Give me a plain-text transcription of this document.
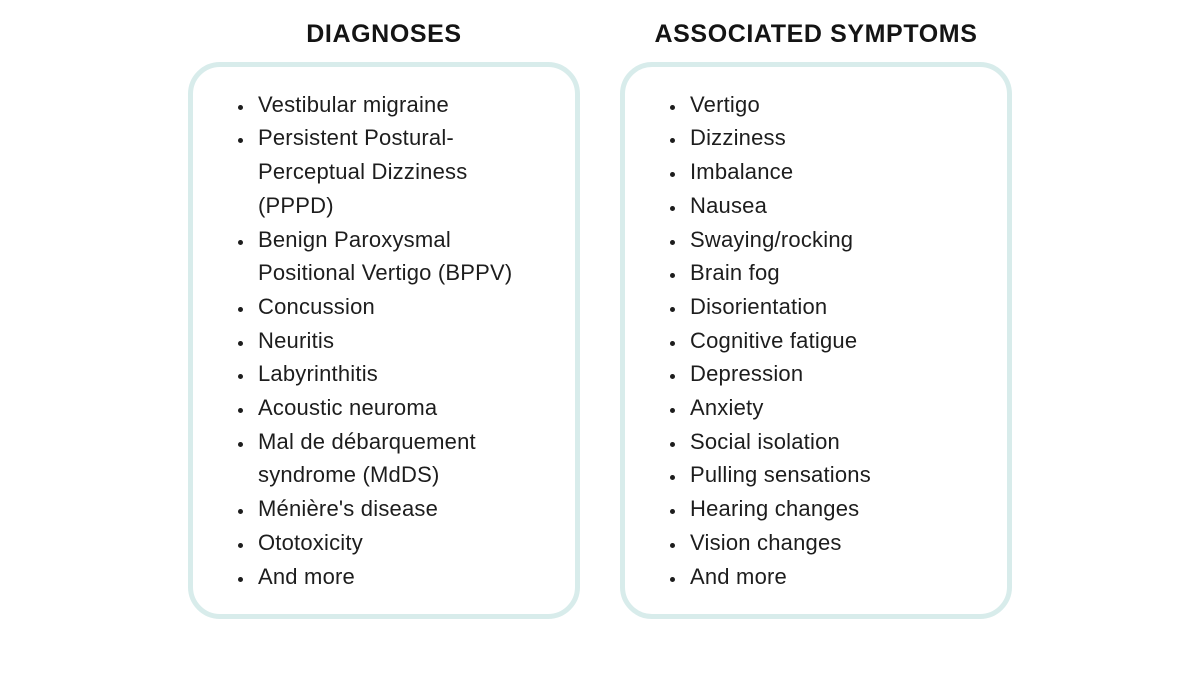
DIAGNOSES
• Vestibular migraine
• Persistent Postural-Perceptual Dizziness (PPPD)
• Benign Paroxysmal Positional Vertigo (BPPV)
• Concussion
• Neuritis
• Labyrinthitis
• Acoustic neuroma
• Mal de débarquement syndrome (MdDS)
• Ménière's disease
• Ototoxicity
• And more
ASSOCIATED SYMPTOMS
• Vertigo
• Dizziness
• Imbalance
• Nausea
• Swaying/rocking
• Brain fog
• Disorientation
• Cognitive fatigue
• Depression
• Anxiety
• Social isolation
• Pulling sensations
• Hearing changes
• Vision changes
• And more
